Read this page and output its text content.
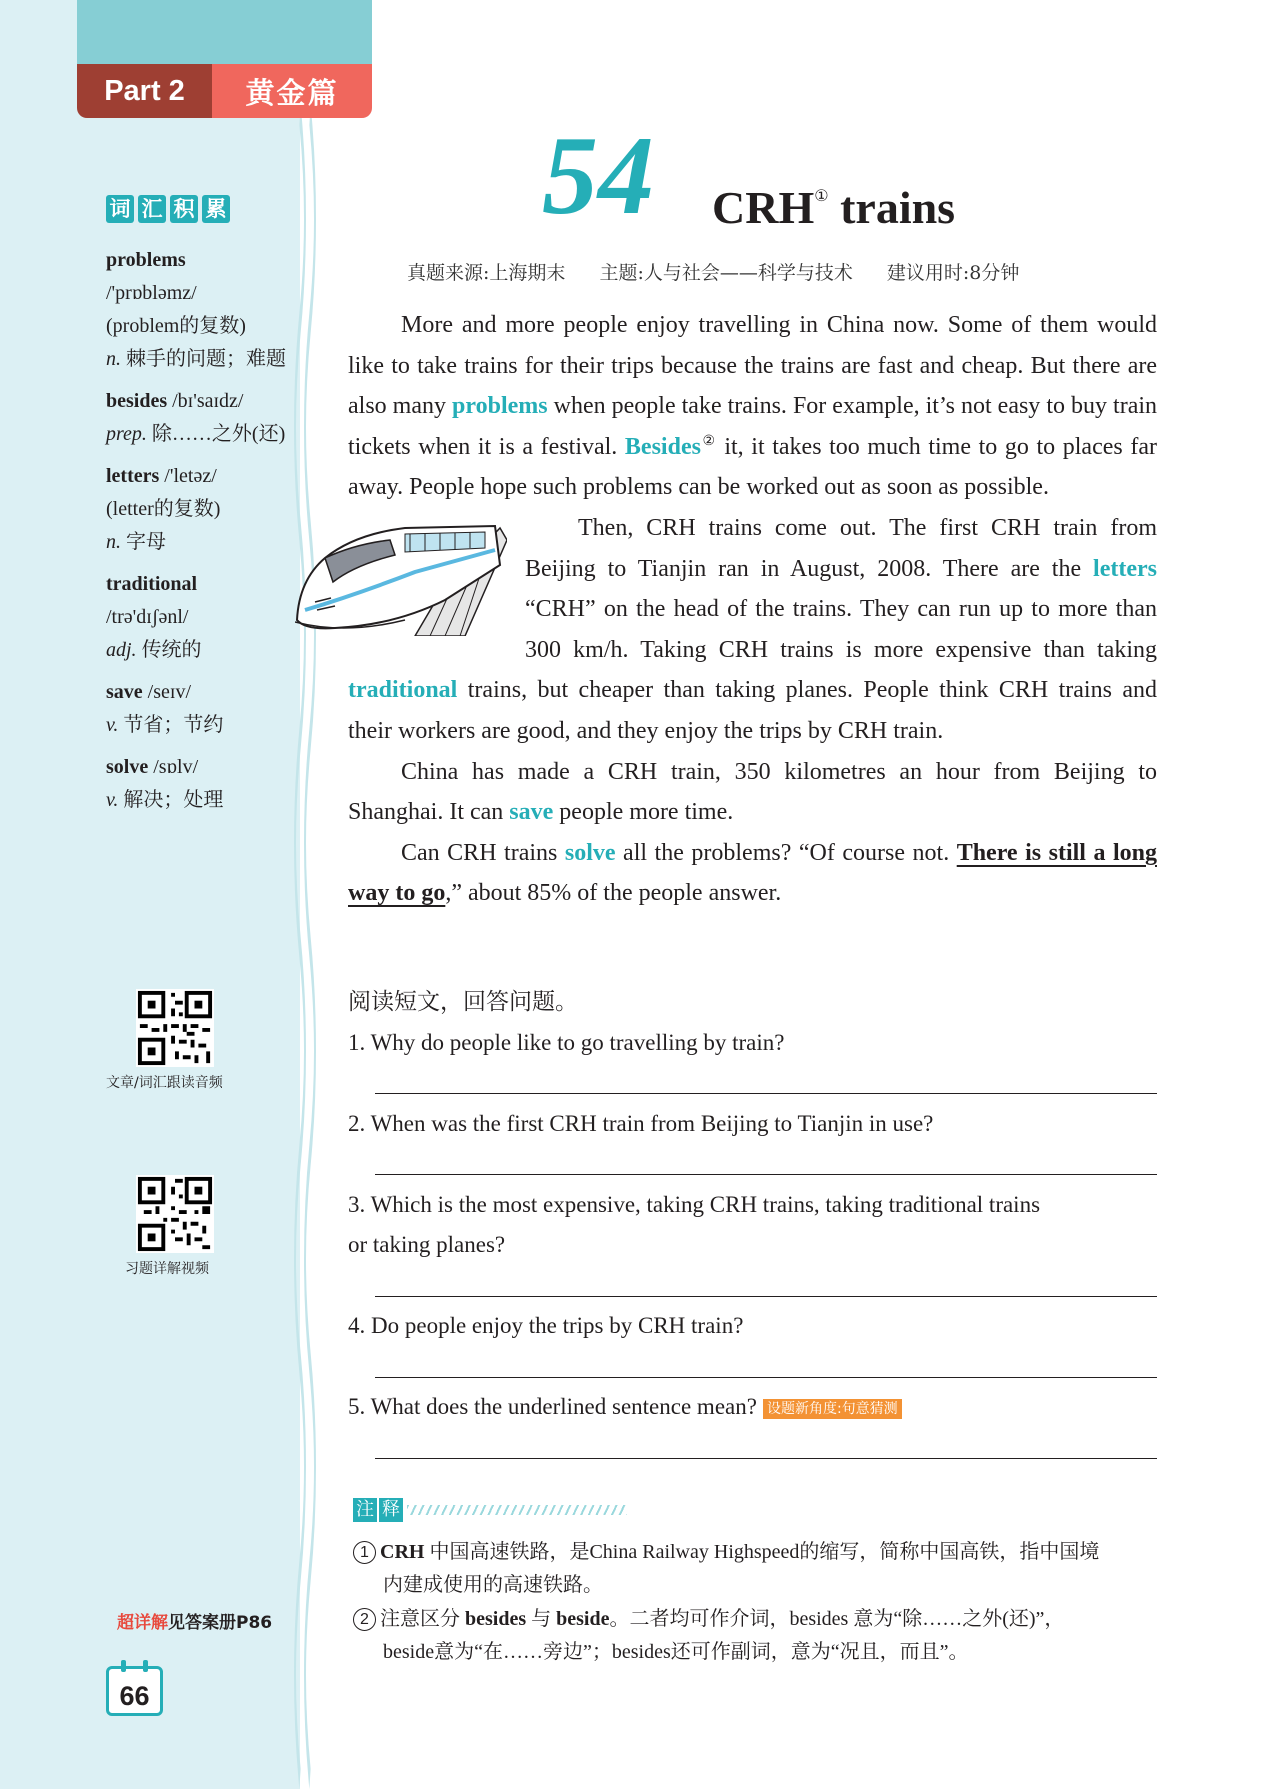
Part 2	黄金篇
词 汇 积 累
problems
/'prɒbləmz/
(problem的复数)
n. 棘手的问题；难题
besides /bɪ'saɪdz/
prep. 除……之外(还)
letters /'letəz/
(letter的复数)
n. 字母
traditional
/trə'dɪʃənl/
adj. 传统的
save /seɪv/
v. 节省；节约
solve /sɒlv/
v. 解决；处理
文章/词汇跟读音频
习题详解视频
超详解见答案册P86
66
54 CRH① trains
真题来源:上海期末 主题:人与社会——科学与技术 建议用时:8分钟

More and more people enjoy travelling in China now. Some of them would like to take trains for their trips because the trains are fast and cheap. But there are also many problems when people take trains. For example, it’s not easy to buy train tickets when it is a festival. Besides② it, it takes too much time to go to places far away. People hope such problems can be worked out as soon as possible.

Then, CRH trains come out. The first CRH train from Beijing to Tianjin ran in August, 2008. There are the letters “CRH” on the head of the trains. They can run up to more than 300 km/h. Taking CRH trains is more expensive than taking traditional trains, but cheaper than taking planes. People think CRH trains and their workers are good, and they enjoy the trips by CRH train.

China has made a CRH train, 350 kilometres an hour from Beijing to Shanghai. It can save people more time.

Can CRH trains solve all the problems? “Of course not. There is still a long way to go,” about 85% of the people answer.

阅读短文，回答问题。
1. Why do people like to go travelling by train?
2. When was the first CRH train from Beijing to Tianjin in use?
3. Which is the most expensive, taking CRH trains, taking traditional trains
or taking planes?
4. Do people enjoy the trips by CRH train?
5. What does the underlined sentence mean? 设题新角度:句意猜测
注 释
1 CRH 中国高速铁路，是China Railway Highspeed的缩写，简称中国高铁，指中国境
内建成使用的高速铁路。
2 注意区分 besides 与 beside。二者均可作介词，besides 意为“除……之外(还)”，
beside意为“在……旁边”；besides还可作副词，意为“况且，而且”。
